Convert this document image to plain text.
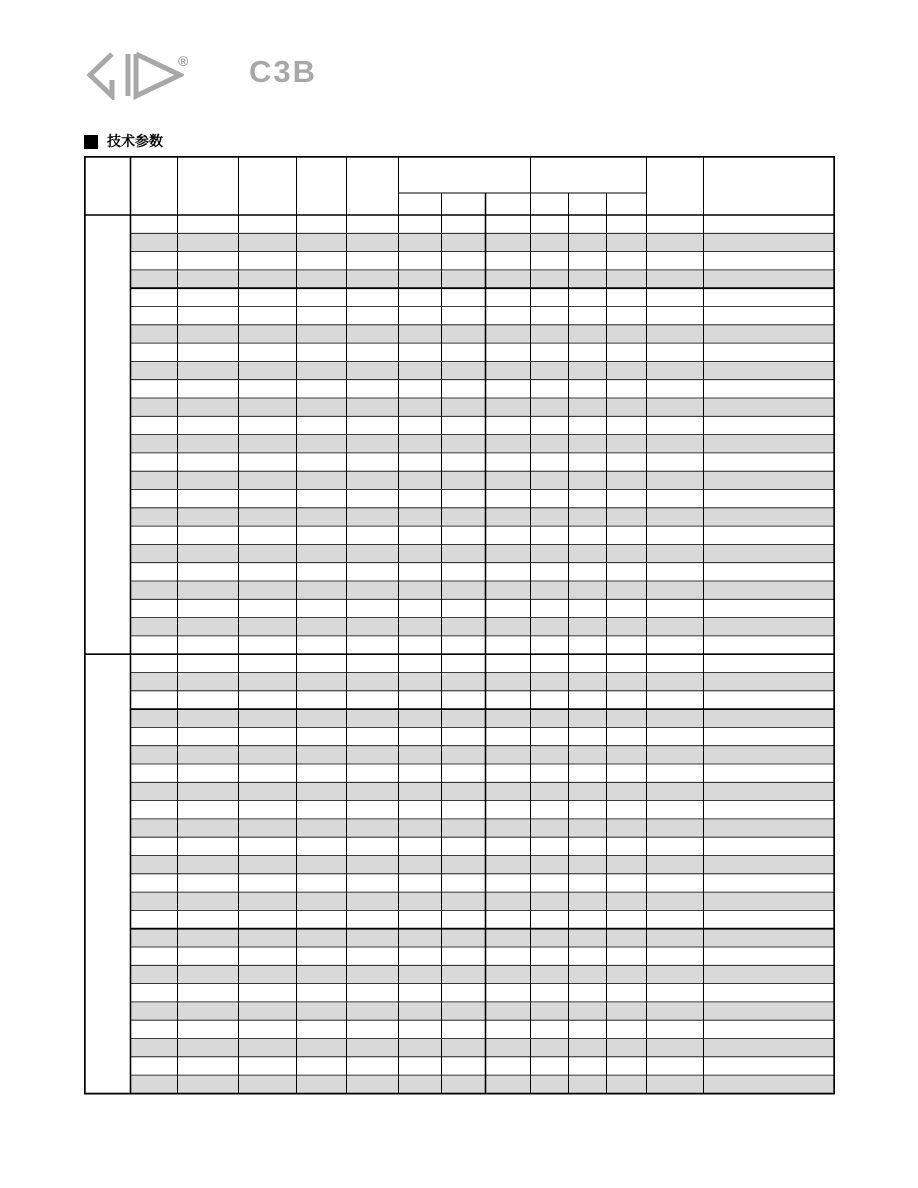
® C3B
技术参数
